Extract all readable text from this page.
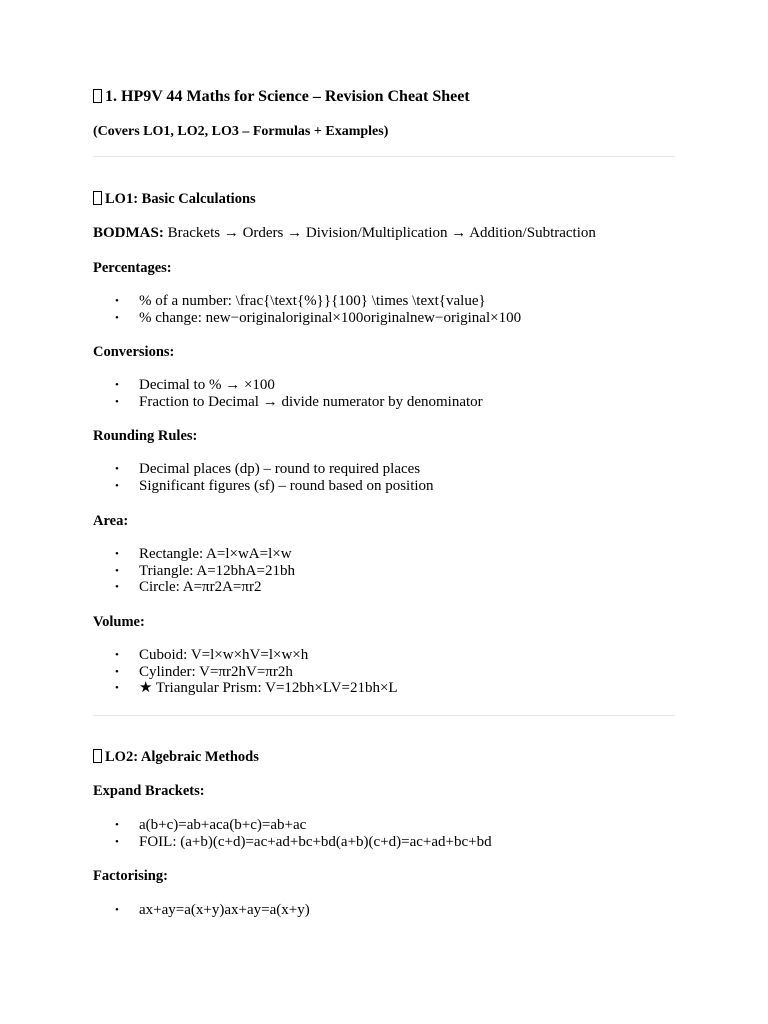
1. HP9V 44 Maths for Science – Revision Cheat Sheet
(Covers LO1, LO2, LO3 – Formulas + Examples)
LO1: Basic Calculations
BODMAS: Brackets → Orders → Division/Multiplication → Addition/Subtraction
Percentages:
• % of a number: \frac{\text{%}}{100} \times \text{value}
• % change: new−originaloriginal×100originalnew−original×100
Conversions:
• Decimal to % → ×100
• Fraction to Decimal → divide numerator by denominator
Rounding Rules:
• Decimal places (dp) – round to required places
• Significant figures (sf) – round based on position
Area:
• Rectangle: A=l×wA=l×w
• Triangle: A=12bhA=21bh
• Circle: A=πr2A=πr2
Volume:
• Cuboid: V=l×w×hV=l×w×h
• Cylinder: V=πr2hV=πr2h
• ★ Triangular Prism: V=12bh×LV=21bh×L
LO2: Algebraic Methods
Expand Brackets:
• a(b+c)=ab+aca(b+c)=ab+ac
• FOIL: (a+b)(c+d)=ac+ad+bc+bd(a+b)(c+d)=ac+ad+bc+bd
Factorising:
• ax+ay=a(x+y)ax+ay=a(x+y)
